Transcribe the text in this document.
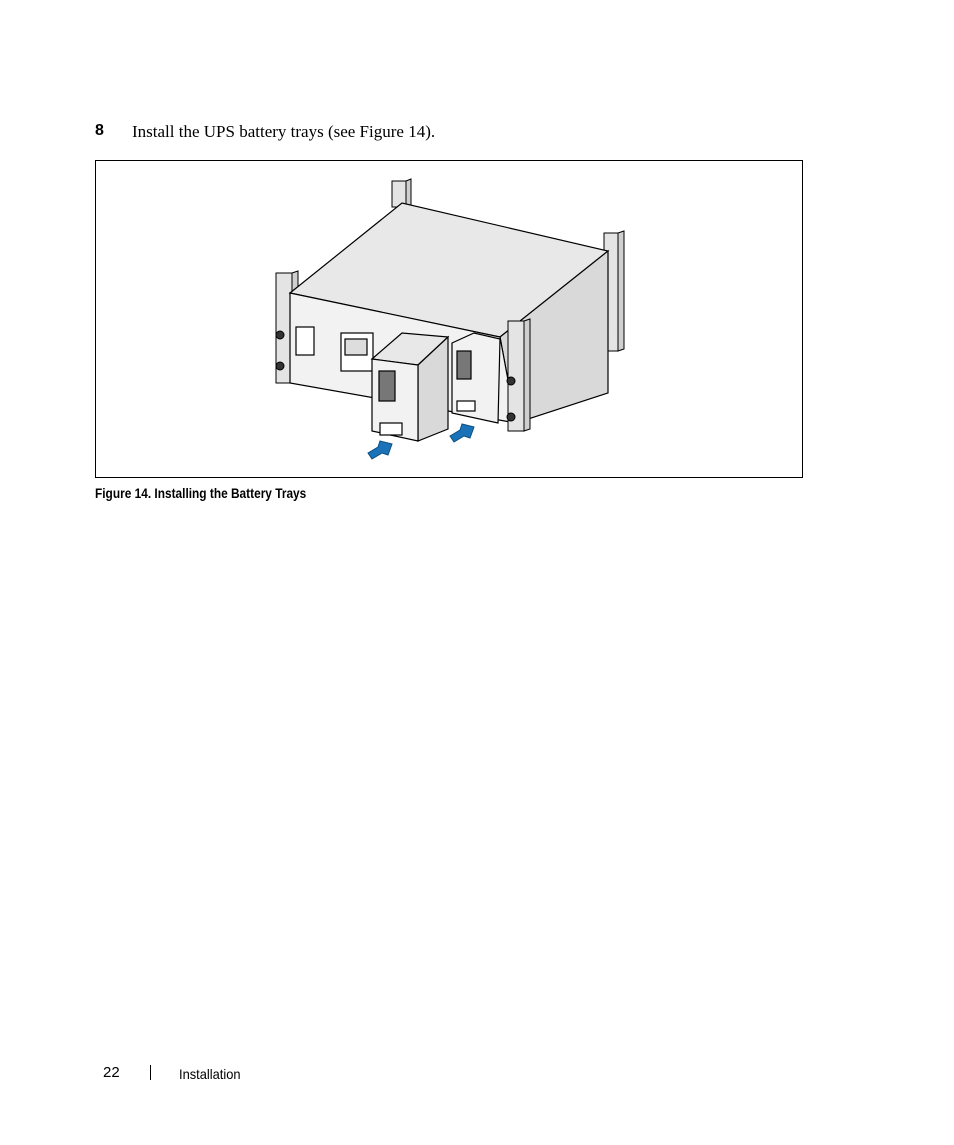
8 Install the UPS battery trays (see Figure 14).
Figure 14. Installing the Battery Trays
22	Installation
